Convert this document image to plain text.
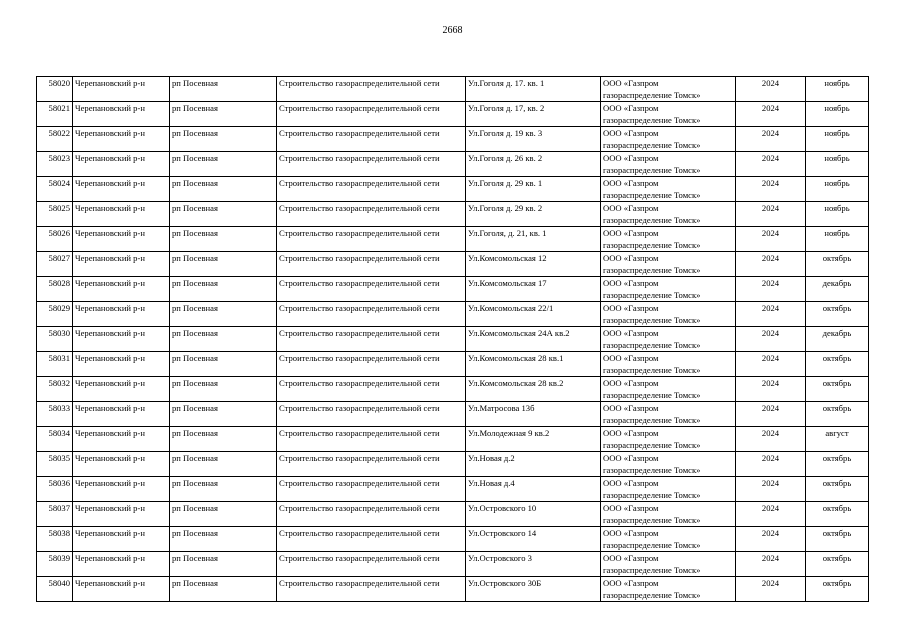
2668
58020	Черепановский р-н	рп Посевная	Строительство газораспределительной сети	Ул.Гоголя д. 17. кв. 1	ООО «Газпром
газораспределение Томск»	2024	ноябрь
58021	Черепановский р-н	рп Посевная	Строительство газораспределительной сети	Ул.Гоголя д. 17, кв. 2	ООО «Газпром
газораспределение Томск»	2024	ноябрь
58022	Черепановский р-н	рп Посевная	Строительство газораспределительной сети	Ул.Гоголя д. 19 кв. 3	ООО «Газпром
газораспределение Томск»	2024	ноябрь
58023	Черепановский р-н	рп Посевная	Строительство газораспределительной сети	Ул.Гоголя д. 26 кв. 2	ООО «Газпром
газораспределение Томск»	2024	ноябрь
58024	Черепановский р-н	рп Посевная	Строительство газораспределительной сети	Ул.Гоголя д. 29 кв. 1	ООО «Газпром
газораспределение Томск»	2024	ноябрь
58025	Черепановский р-н	рп Посевная	Строительство газораспределительной сети	Ул.Гоголя д. 29 кв. 2	ООО «Газпром
газораспределение Томск»	2024	ноябрь
58026	Черепановский р-н	рп Посевная	Строительство газораспределительной сети	Ул.Гоголя, д. 21, кв. 1	ООО «Газпром
газораспределение Томск»	2024	ноябрь
58027	Черепановский р-н	рп Посевная	Строительство газораспределительной сети	Ул.Комсомольская 12	ООО «Газпром
газораспределение Томск»	2024	октябрь
58028	Черепановский р-н	рп Посевная	Строительство газораспределительной сети	Ул.Комсомольская 17	ООО «Газпром
газораспределение Томск»	2024	декабрь
58029	Черепановский р-н	рп Посевная	Строительство газораспределительной сети	Ул.Комсомольская 22/1	ООО «Газпром
газораспределение Томск»	2024	октябрь
58030	Черепановский р-н	рп Посевная	Строительство газораспределительной сети	Ул.Комсомольская 24А кв.2	ООО «Газпром
газораспределение Томск»	2024	декабрь
58031	Черепановский р-н	рп Посевная	Строительство газораспределительной сети	Ул.Комсомольская 28 кв.1	ООО «Газпром
газораспределение Томск»	2024	октябрь
58032	Черепановский р-н	рп Посевная	Строительство газораспределительной сети	Ул.Комсомольская 28 кв.2	ООО «Газпром
газораспределение Томск»	2024	октябрь
58033	Черепановский р-н	рп Посевная	Строительство газораспределительной сети	Ул.Матросова 13б	ООО «Газпром
газораспределение Томск»	2024	октябрь
58034	Черепановский р-н	рп Посевная	Строительство газораспределительной сети	Ул.Молодежная 9 кв.2	ООО «Газпром
газораспределение Томск»	2024	август
58035	Черепановский р-н	рп Посевная	Строительство газораспределительной сети	Ул.Новая д.2	ООО «Газпром
газораспределение Томск»	2024	октябрь
58036	Черепановский р-н	рп Посевная	Строительство газораспределительной сети	Ул.Новая д.4	ООО «Газпром
газораспределение Томск»	2024	октябрь
58037	Черепановский р-н	рп Посевная	Строительство газораспределительной сети	Ул.Островского 10	ООО «Газпром
газораспределение Томск»	2024	октябрь
58038	Черепановский р-н	рп Посевная	Строительство газораспределительной сети	Ул.Островского 14	ООО «Газпром
газораспределение Томск»	2024	октябрь
58039	Черепановский р-н	рп Посевная	Строительство газораспределительной сети	Ул.Островского 3	ООО «Газпром
газораспределение Томск»	2024	октябрь
58040	Черепановский р-н	рп Посевная	Строительство газораспределительной сети	Ул.Островского 30Б	ООО «Газпром
газораспределение Томск»	2024	октябрь
